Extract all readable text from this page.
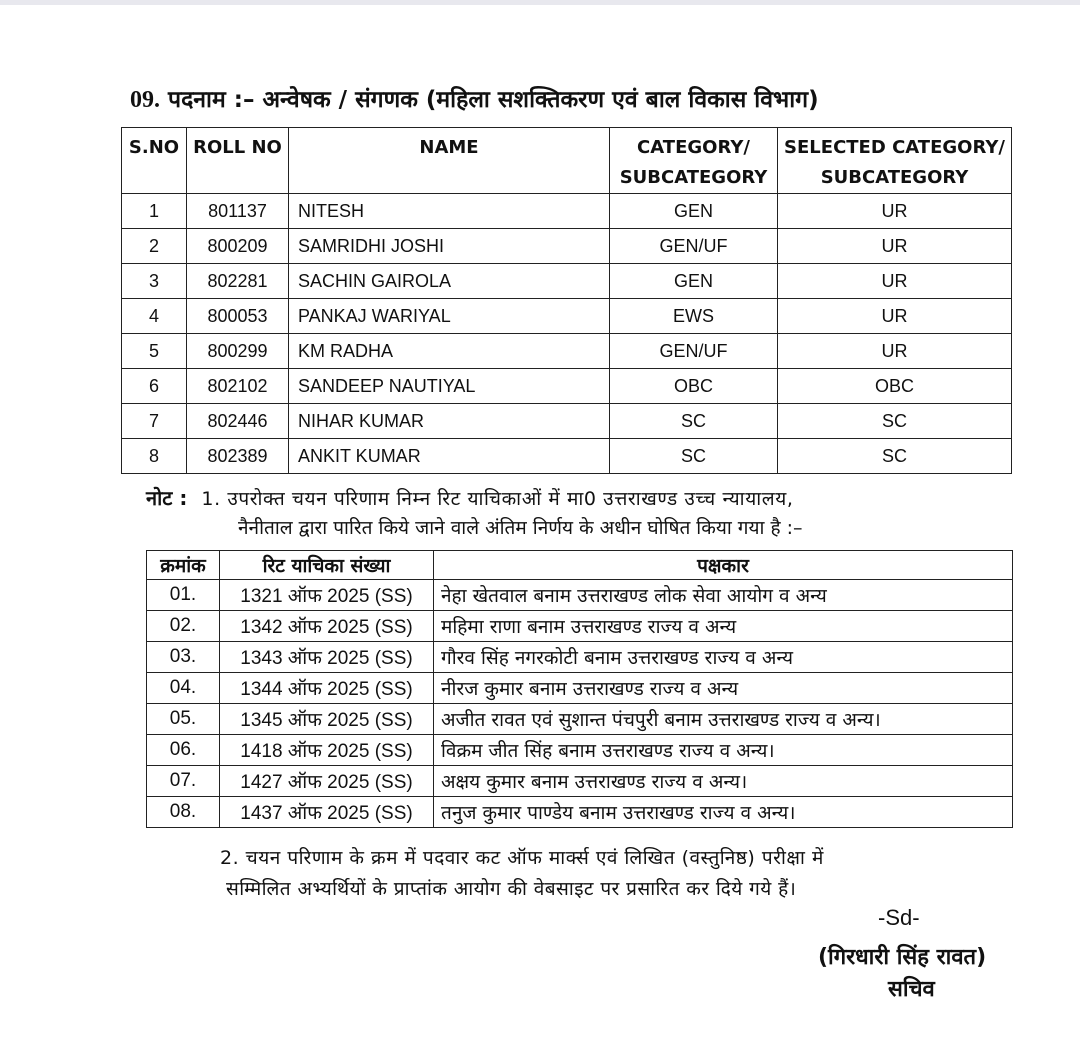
09. पदनाम :– अन्वेषक / संगणक (महिला सशक्तिकरण एवं बाल विकास विभाग)
S.NO	ROLL NO	NAME	CATEGORY/ SUBCATEGORY	SELECTED CATEGORY/ SUBCATEGORY
1	801137	NITESH	GEN	UR
2	800209	SAMRIDHI JOSHI	GEN/UF	UR
3	802281	SACHIN GAIROLA	GEN	UR
4	800053	PANKAJ WARIYAL	EWS	UR
5	800299	KM RADHA	GEN/UF	UR
6	802102	SANDEEP NAUTIYAL	OBC	OBC
7	802446	NIHAR KUMAR	SC	SC
8	802389	ANKIT KUMAR	SC	SC
नोट : 1. उपरोक्त चयन परिणाम निम्न रिट याचिकाओं में मा0 उत्तराखण्ड उच्च न्यायालय,
नैनीताल द्वारा पारित किये जाने वाले अंतिम निर्णय के अधीन घोषित किया गया है :–
क्रमांक	रिट याचिका संख्या	पक्षकार
01.	1321 ऑफ 2025 (SS)	नेहा खेतवाल बनाम उत्तराखण्ड लोक सेवा आयोग व अन्य
02.	1342 ऑफ 2025 (SS)	महिमा राणा बनाम उत्तराखण्ड राज्य व अन्य
03.	1343 ऑफ 2025 (SS)	गौरव सिंह नगरकोटी बनाम उत्तराखण्ड राज्य व अन्य
04.	1344 ऑफ 2025 (SS)	नीरज कुमार बनाम उत्तराखण्ड राज्य व अन्य
05.	1345 ऑफ 2025 (SS)	अजीत रावत एवं सुशान्त पंचपुरी बनाम उत्तराखण्ड राज्य व अन्य।
06.	1418 ऑफ 2025 (SS)	विक्रम जीत सिंह बनाम उत्तराखण्ड राज्य व अन्य।
07.	1427 ऑफ 2025 (SS)	अक्षय कुमार बनाम उत्तराखण्ड राज्य व अन्य।
08.	1437 ऑफ 2025 (SS)	तनुज कुमार पाण्डेय बनाम उत्तराखण्ड राज्य व अन्य।
2. चयन परिणाम के क्रम में पदवार कट ऑफ मार्क्स एवं लिखित (वस्तुनिष्ठ) परीक्षा में
सम्मिलित अभ्यर्थियों के प्राप्तांक आयोग की वेबसाइट पर प्रसारित कर दिये गये हैं।
-Sd-
(गिरधारी सिंह रावत)
सचिव
